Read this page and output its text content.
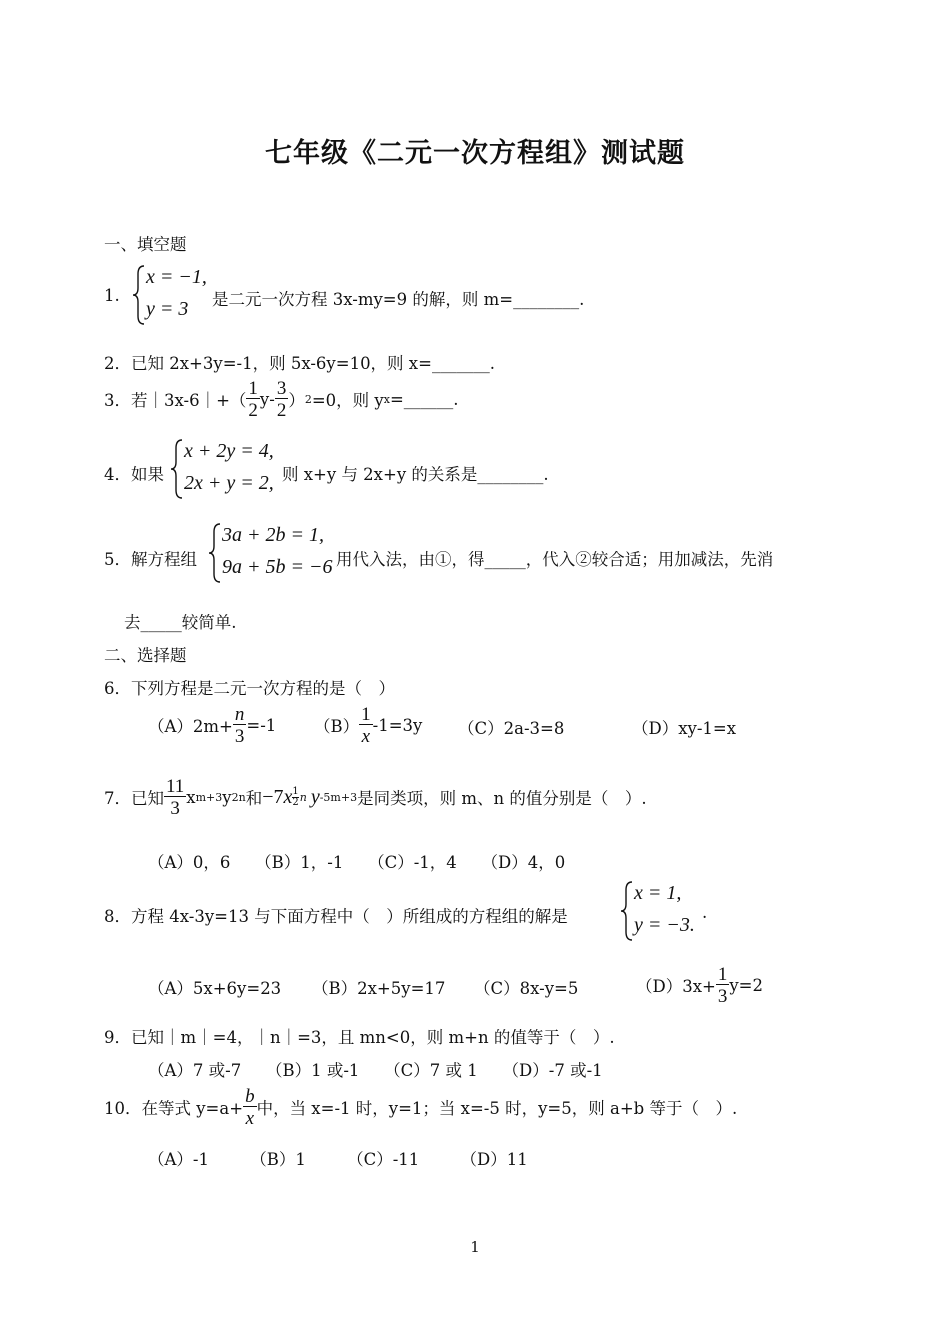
七年级《二元一次方程组》测试题
一、填空题
1.
x = −1,
y = 3 是二元一次方程 3x-my=9 的解，则 m=________.
2．已知 2x+3y=-1，则 5x-6y=10，则 x=_______.
3．若｜3x-6｜+（ $\frac{1}{2} y- \frac{3}{2}$ ） 2 =0，则 y x =______.
4．如果
x + 2y = 4,
2x + y = 2, 则 x+y 与 2x+y 的关系是________.
5．解方程组
3a + 2b = 1,
9a + 5b = −6 用代入法，由①，得_____，代入②较合适；用加减法，先消
去_____较简单.
二、选择题
6．下列方程是二元一次方程的是（　）
$(A)2m+ \frac{n}{3} =-1$ $(B) \frac{1}{x} -1=3y$ （C）2a-3=8	（D）xy-1=x
7．已知 $\frac{11}{3}$ x m+3 y 2n 和 −7 x 1
2 n y -5m+3 是同类项，则 m、n 的值分别是（　）.
（A）0，6　　（B）1，-1　　（C）-1，4　　（D）4，0
8．方程 4x-3y=13 与下面方程中（　）所组成的方程组的解是
x = 1,
y = −3.
.
（A）5x+6y=23 （B）2x+5y=17 （C）8x-y=5	$(D)3x+ \frac{1}{3} y=2$
9．已知｜m｜=4，｜n｜=3，且 mn<0，则 m+n 的值等于（　）.
（A）7 或-7　　（B）1 或-1　　（C）7 或 1　　（D）-7 或-1
10．在等式 $y=a+ \frac{b}{x}$ 中，当 x=-1 时，y=1；当 x=-5 时，y=5，则 a+b 等于（　）.
（A）-1　　　（B）1　　　（C）-11　　　（D）11
1
